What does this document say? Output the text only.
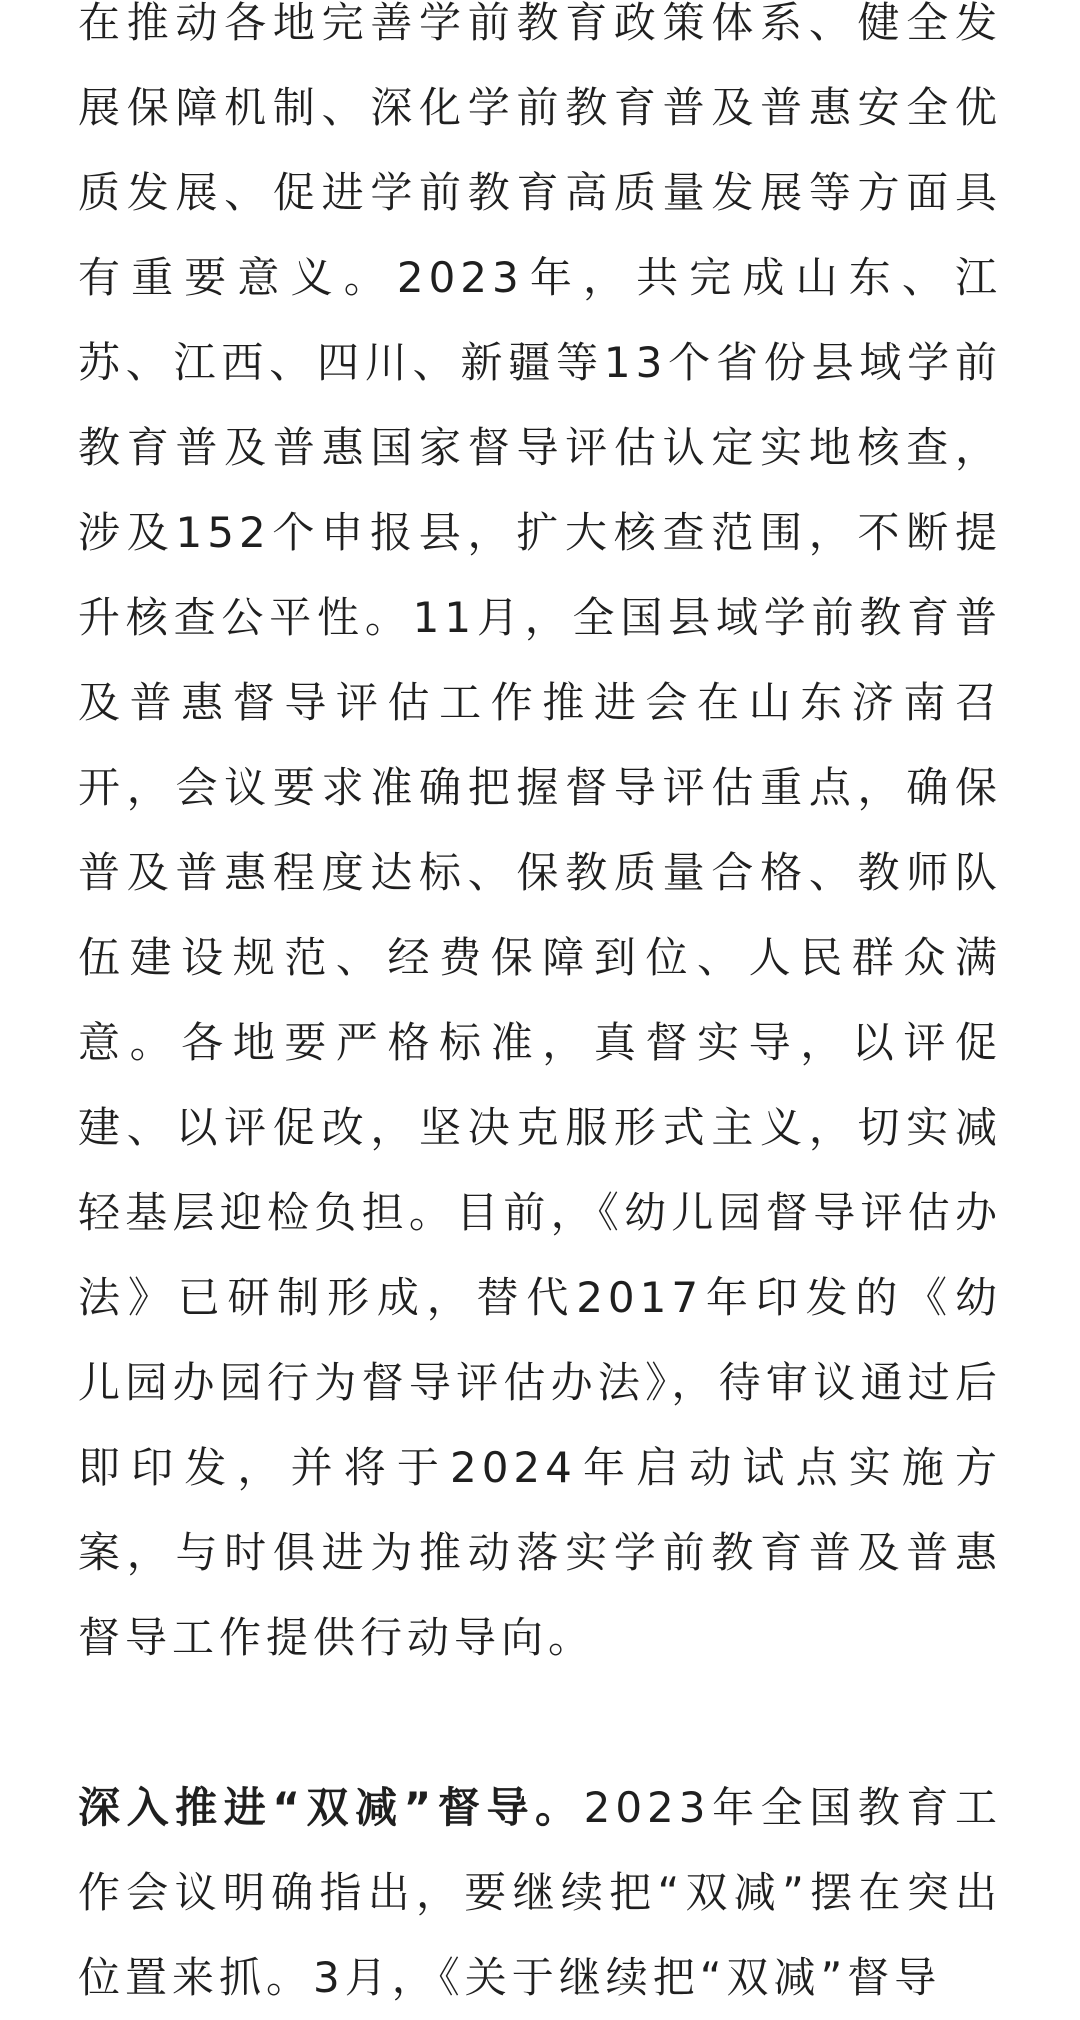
在推动各地完善学前教育政策体系、健全发展保障机制、深化学前教育普及普惠安全优质发展、促进学前教育高质量发展等方面具有重要意义。2023年，共完成山东、江苏、江西、四川、新疆等13个省份县域学前教育普及普惠国家督导评估认定实地核查，涉及152个申报县，扩大核查范围，不断提升核查公平性。11月，全国县域学前教育普及普惠督导评估工作推进会在山东济南召开，会议要求准确把握督导评估重点，确保普及普惠程度达标、保教质量合格、教师队伍建设规范、经费保障到位、人民群众满意。各地要严格标准，真督实导，以评促建、以评促改，坚决克服形式主义，切实减轻基层迎检负担。目前，《幼儿园督导评估办法》已研制形成，替代2017年印发的《幼儿园办园行为督导评估办法》，待审议通过后即印发，并将于2024年启动试点实施方案，与时俱进为推动落实学前教育普及普惠督导工作提供行动导向。

深入推进“双减”督导。2023年全国教育工作会议明确指出，要继续把“双减”摆在突出位置来抓。3月，《关于继续把“双减”督导
